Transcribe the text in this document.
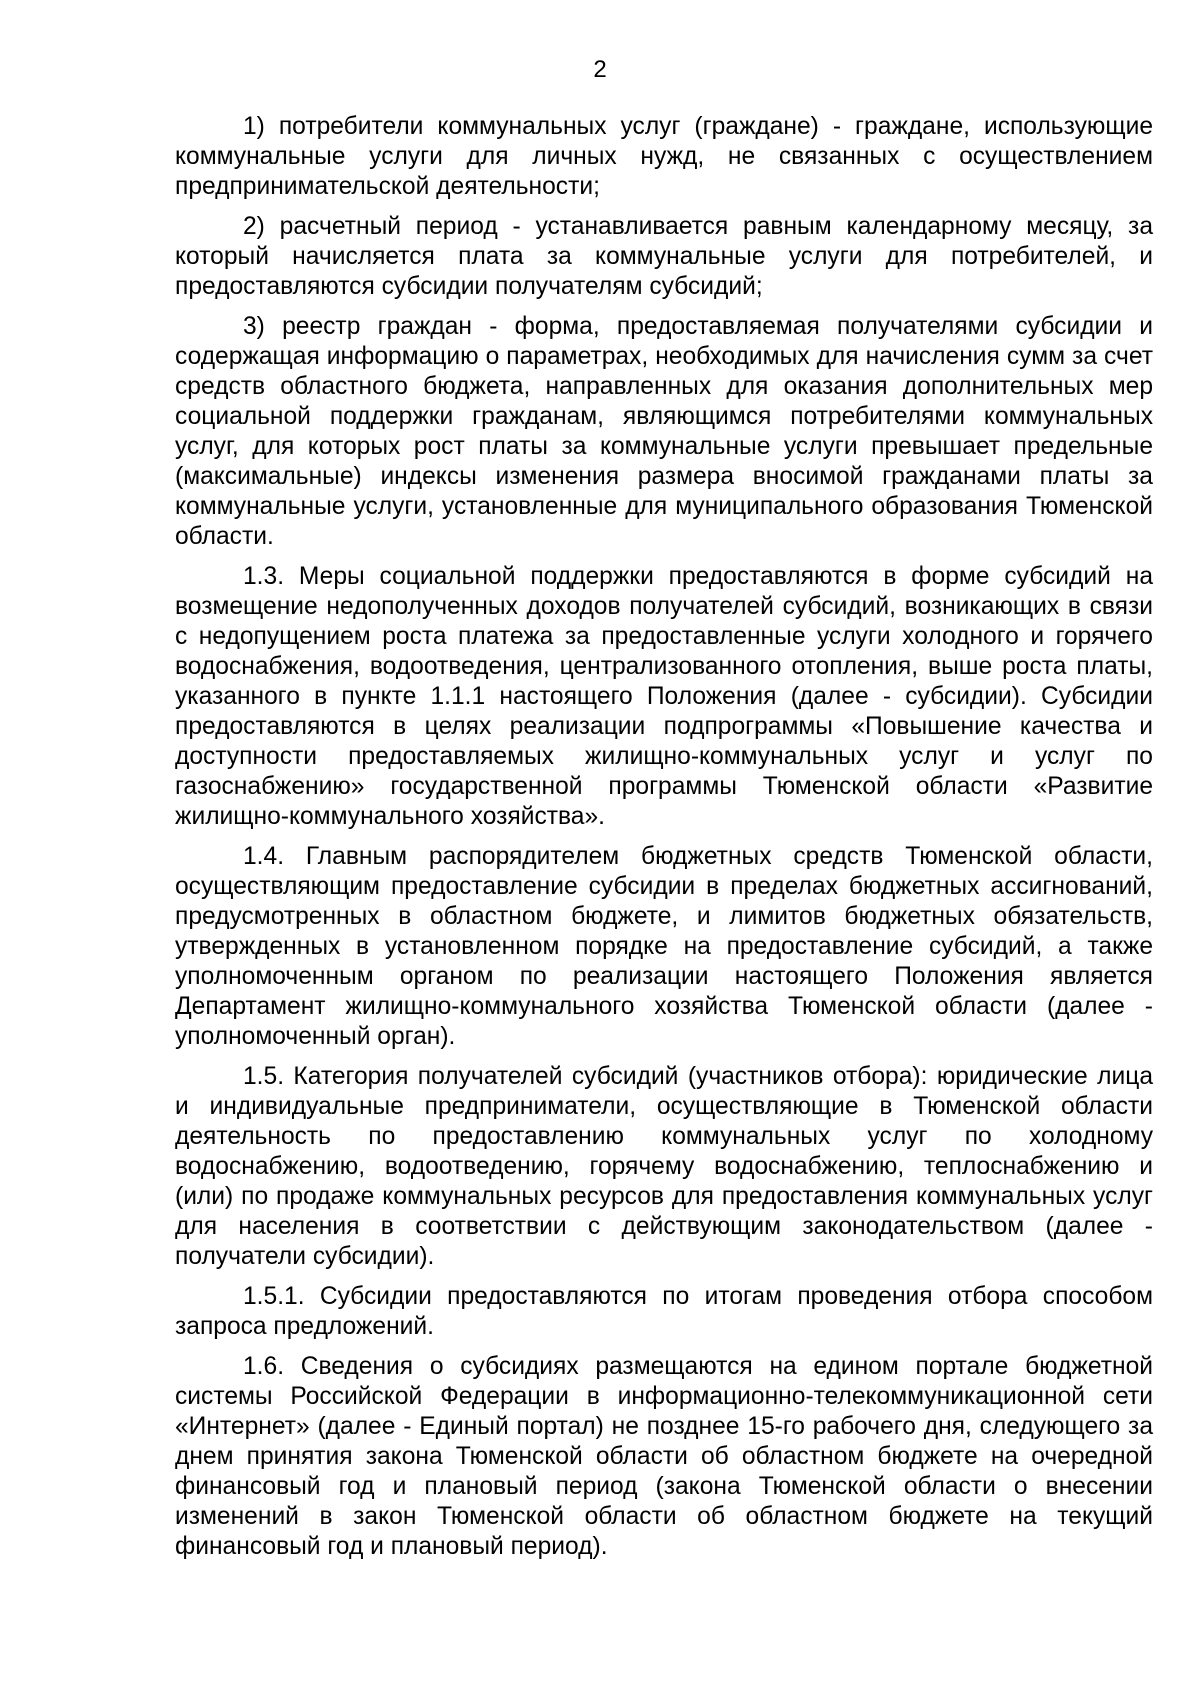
2

1) потребители коммунальных услуг (граждане) - граждане, использующие коммунальные услуги для личных нужд, не связанных с осуществлением предпринимательской деятельности;

2) расчетный период - устанавливается равным календарному месяцу, за который начисляется плата за коммунальные услуги для потребителей, и предоставляются субсидии получателям субсидий;

3) реестр граждан - форма, предоставляемая получателями субсидии и содержащая информацию о параметрах, необходимых для начисления сумм за счет средств областного бюджета, направленных для оказания дополнительных мер социальной поддержки гражданам, являющимся потребителями коммунальных услуг, для которых рост платы за коммунальные услуги превышает предельные (максимальные) индексы изменения размера вносимой гражданами платы за коммунальные услуги, установленные для муниципального образования Тюменской области.

1.3. Меры социальной поддержки предоставляются в форме субсидий на возмещение недополученных доходов получателей субсидий, возникающих в связи с недопущением роста платежа за предоставленные услуги холодного и горячего водоснабжения, водоотведения, централизованного отопления, выше роста платы, указанного в пункте 1.1.1 настоящего Положения (далее - субсидии). Субсидии предоставляются в целях реализации подпрограммы «Повышение качества и доступности предоставляемых жилищно-коммунальных услуг и услуг по газоснабжению» государственной программы Тюменской области «Развитие жилищно-коммунального хозяйства».

1.4. Главным распорядителем бюджетных средств Тюменской области, осуществляющим предоставление субсидии в пределах бюджетных ассигнований, предусмотренных в областном бюджете, и лимитов бюджетных обязательств, утвержденных в установленном порядке на предоставление субсидий, а также уполномоченным органом по реализации настоящего Положения является Департамент жилищно-коммунального хозяйства Тюменской области (далее - уполномоченный орган).

1.5. Категория получателей субсидий (участников отбора): юридические лица и индивидуальные предприниматели, осуществляющие в Тюменской области деятельность по предоставлению коммунальных услуг по холодному водоснабжению, водоотведению, горячему водоснабжению, теплоснабжению и (или) по продаже коммунальных ресурсов для предоставления коммунальных услуг для населения в соответствии с действующим законодательством (далее - получатели субсидии).

1.5.1. Субсидии предоставляются по итогам проведения отбора способом запроса предложений.

1.6. Сведения о субсидиях размещаются на едином портале бюджетной системы Российской Федерации в информационно-телекоммуникационной сети «Интернет» (далее - Единый портал) не позднее 15-го рабочего дня, следующего за днем принятия закона Тюменской области об областном бюджете на очередной финансовый год и плановый период (закона Тюменской области о внесении изменений в закон Тюменской области об областном бюджете на текущий финансовый год и плановый период).
